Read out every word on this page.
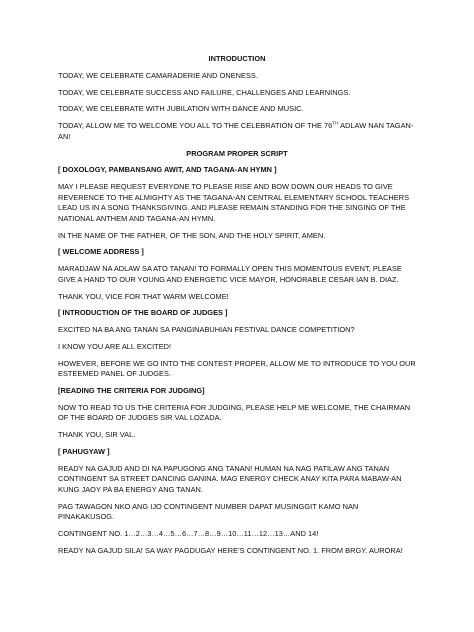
INTRODUCTION

TODAY, WE CELEBRATE CAMARADERIE AND ONENESS.

TODAY, WE CELEBRATE SUCCESS AND FAILURE, CHALLENGES AND LEARNINGS.

TODAY, WE CELEBRATE WITH JUBILATION WITH DANCE AND MUSIC.

TODAY, ALLOW ME TO WELCOME YOU ALL TO THE CELEBRATION OF THE 76TH ADLAW NAN TAGAN-AN!

PROGRAM PROPER SCRIPT

[ DOXOLOGY, PAMBANSANG AWIT, AND TAGANA-AN HYMN ]

MAY I PLEASE REQUEST EVERYONE TO PLEASE RISE AND BOW DOWN OUR HEADS TO GIVE REVERENCE TO THE ALMIGHTY AS THE TAGANA-AN CENTRAL ELEMENTARY SCHOOL TEACHERS LEAD US IN A SONG THANKSGIVING. AND PLEASE REMAIN STANDING FOR THE SINGING OF THE NATIONAL ANTHEM AND TAGANA-AN HYMN.

IN THE NAME OF THE FATHER, OF THE SON, AND THE HOLY SPIRIT, AMEN.

[ WELCOME ADDRESS ]

MARADJAW NA ADLAW SA ATO TANAN! TO FORMALLY OPEN THIS MOMENTOUS EVENT, PLEASE GIVE A HAND TO OUR YOUNG AND ENERGETIC VICE MAYOR, HONORABLE CESAR IAN B. DIAZ.

THANK YOU, VICE FOR THAT WARM WELCOME!

[ INTRODUCTION OF THE BOARD OF JUDGES ]

EXCITED NA BA ANG TANAN SA PANGINABUHIAN FESTIVAL DANCE COMPETITION?

I KNOW YOU ARE ALL EXCITED!

HOWEVER, BEFORE WE GO INTO THE CONTEST PROPER, ALLOW ME TO INTRODUCE TO YOU OUR ESTEEMED PANEL OF JUDGES.

[READING THE CRITERIA FOR JUDGING]

NOW TO READ TO US THE CRITERIA FOR JUDGING, PLEASE HELP ME WELCOME, THE CHAIRMAN OF THE BOARD OF JUDGES SIR VAL LOZADA.

THANK YOU, SIR VAL.

[ PAHUGYAW ]

READY NA GAJUD AND DI NA PAPUGONG ANG TANAN! HUMAN NA NAG PATILAW ANG TANAN CONTINGENT SA STREET DANCING GANINA. MAG ENERGY CHECK ANAY KITA PARA MABAW-AN KUNG JAOY PA BA ENERGY ANG TANAN.

PAG TAWAGON NKO ANG IJO CONTINGENT NUMBER DAPAT MUSINGGIT KAMO NAN PINAKAKUSOG.

CONTINGENT NO. 1…2…3…4…5…6…7…8…9…10…11…12…13…AND 14!

READY NA GAJUD SILA! SA WAY PAGDUGAY HERE’S CONTINGENT NO. 1. FROM BRGY. AURORA!
